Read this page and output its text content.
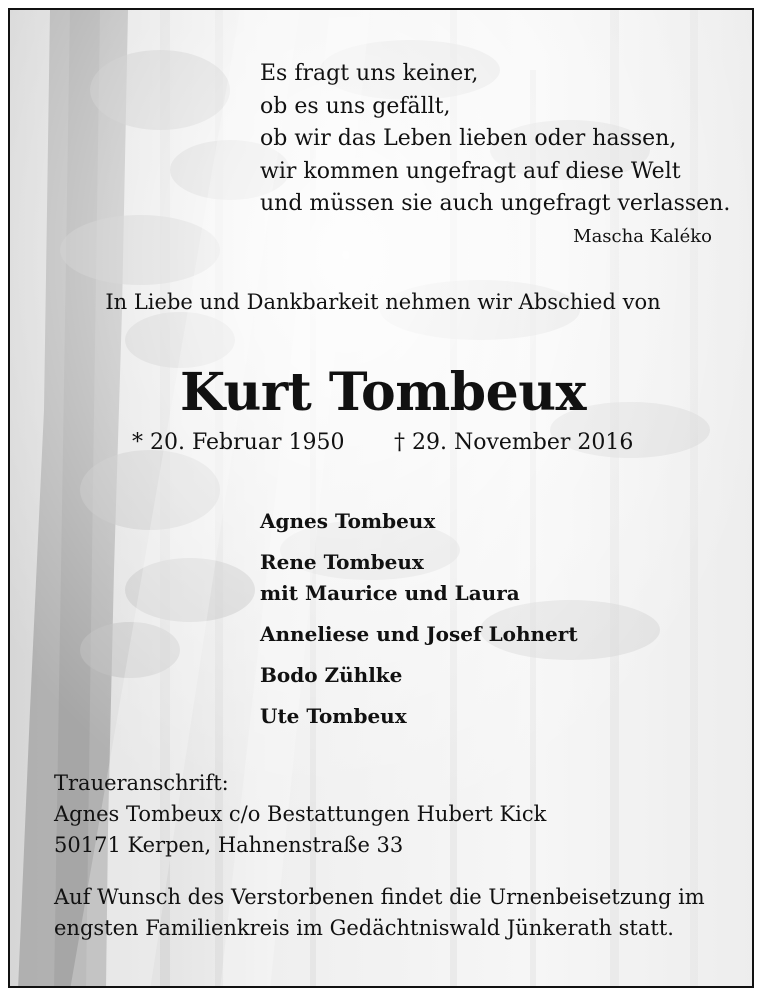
Es fragt uns keiner,
ob es uns gefällt,
ob wir das Leben lieben oder hassen,
wir kommen ungefragt auf diese Welt
und müssen sie auch ungefragt verlassen.
Mascha Kaléko
In Liebe und Dankbarkeit nehmen wir Abschied von
Kurt Tombeux
* 20. Februar 1950 † 29. November 2016
Agnes Tombeux
Rene Tombeux
mit Maurice und Laura
Anneliese und Josef Lohnert
Bodo Zühlke
Ute Tombeux
Traueranschrift:
Agnes Tombeux c/o Bestattungen Hubert Kick
50171 Kerpen, Hahnenstraße 33
Auf Wunsch des Verstorbenen findet die Urnenbeisetzung im
engsten Familienkreis im Gedächtniswald Jünkerath statt.
